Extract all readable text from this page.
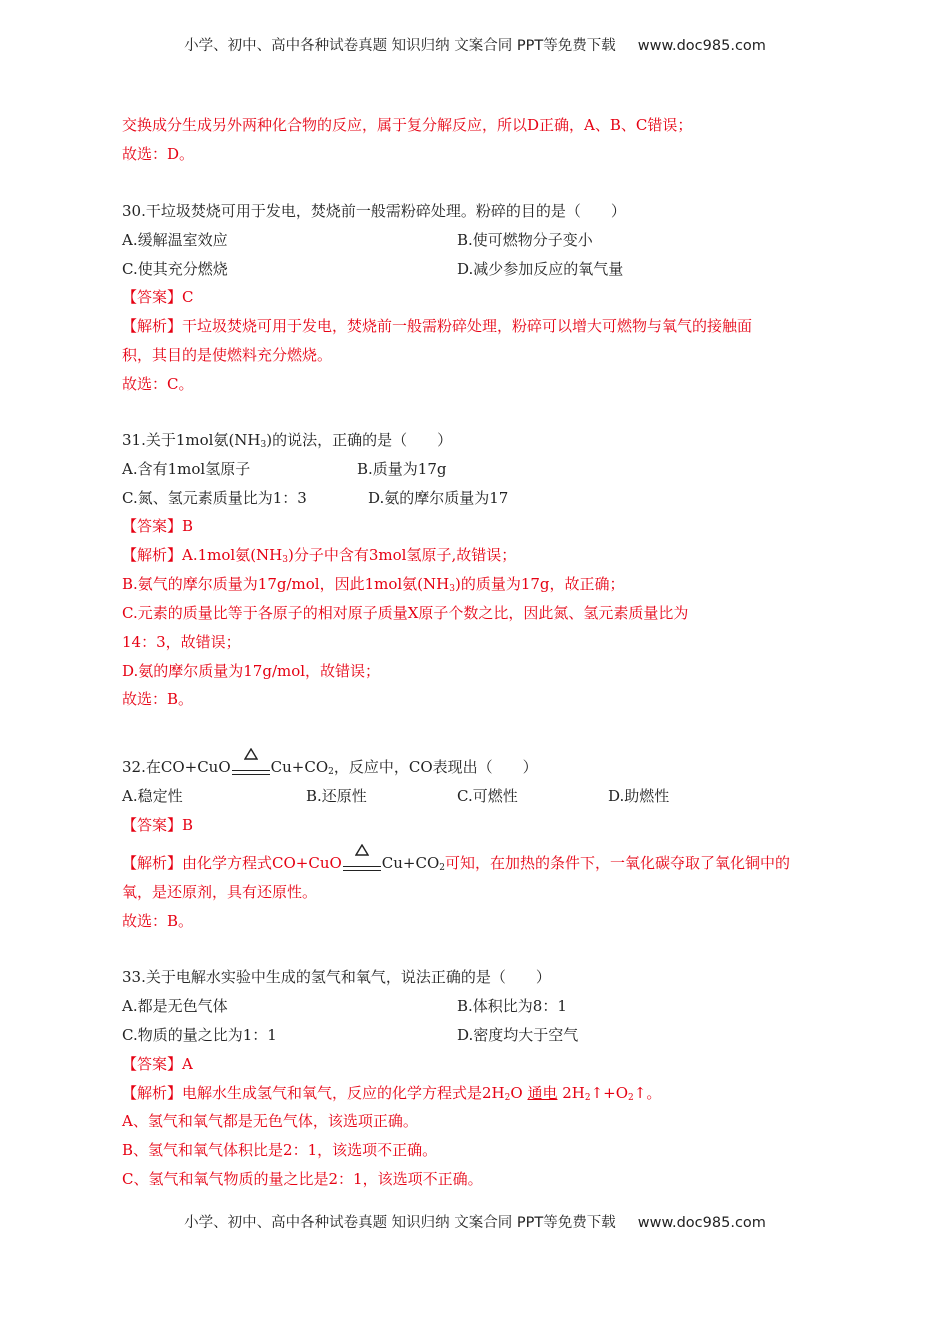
小学、初中、高中各种试卷真题 知识归纳 文案合同 PPT等免费下载 www.doc985.com
交换成分生成另外两种化合物的反应，属于复分解反应，所以D正确，A、B、C错误；
故选：D。
30.干垃圾焚烧可用于发电，焚烧前一般需粉碎处理。粉碎的目的是（　　）
A.缓解温室效应	B.使可燃物分子变小
C.使其充分燃烧	D.减少参加反应的氧气量
【答案】C
【解析】干垃圾焚烧可用于发电，焚烧前一般需粉碎处理，粉碎可以增大可燃物与氧气的接触面
积，其目的是使燃料充分燃烧。
故选：C。
31.关于1mol氨$(NH_3)$的说法，正确的是（　　）
A.含有1mol氢原子	B.质量为17g
C.氮、氢元素质量比为1：3	D.氨的摩尔质量为17
【答案】B
【解析】A.1mol氨$(NH_3)$分子中含有3mol氢原子,故错误；
B.氨气的摩尔质量为17g/mol，因此1mol氨$(NH_3)$的质量为17g，故正确；
C.元素的质量比等于各原子的相对原子质量X原子个数之比，因此氮、氢元素质量比为
14：3，故错误；
D.氨的摩尔质量为17g/mol，故错误；
故选：B。
32.在CO+CuO	$Cu+CO_2$，反应中，CO表现出（　　）
A.稳定性	B.还原性	C.可燃性	D.助燃性
【答案】B
【解析】由化学方程式CO+CuO	$Cu+CO_2$可知，在加热的条件下，一氧化碳夺取了氧化铜中的
氧，是还原剂，具有还原性。
故选：B。
33.关于电解水实验中生成的氢气和氧气，说法正确的是（　　）
A.都是无色气体	B.体积比为8：1
C.物质的量之比为1：1	D.密度均大于空气
【答案】A
【解析】电解水生成氢气和氧气，反应的化学方程式是$2H_2O$ 通电 $2H_2↑+O_2↑$。
A、氢气和氧气都是无色气体，该选项正确。
B、氢气和氧气体积比是2：1，该选项不正确。
C、氢气和氧气物质的量之比是2：1，该选项不正确。
小学、初中、高中各种试卷真题 知识归纳 文案合同 PPT等免费下载 www.doc985.com
